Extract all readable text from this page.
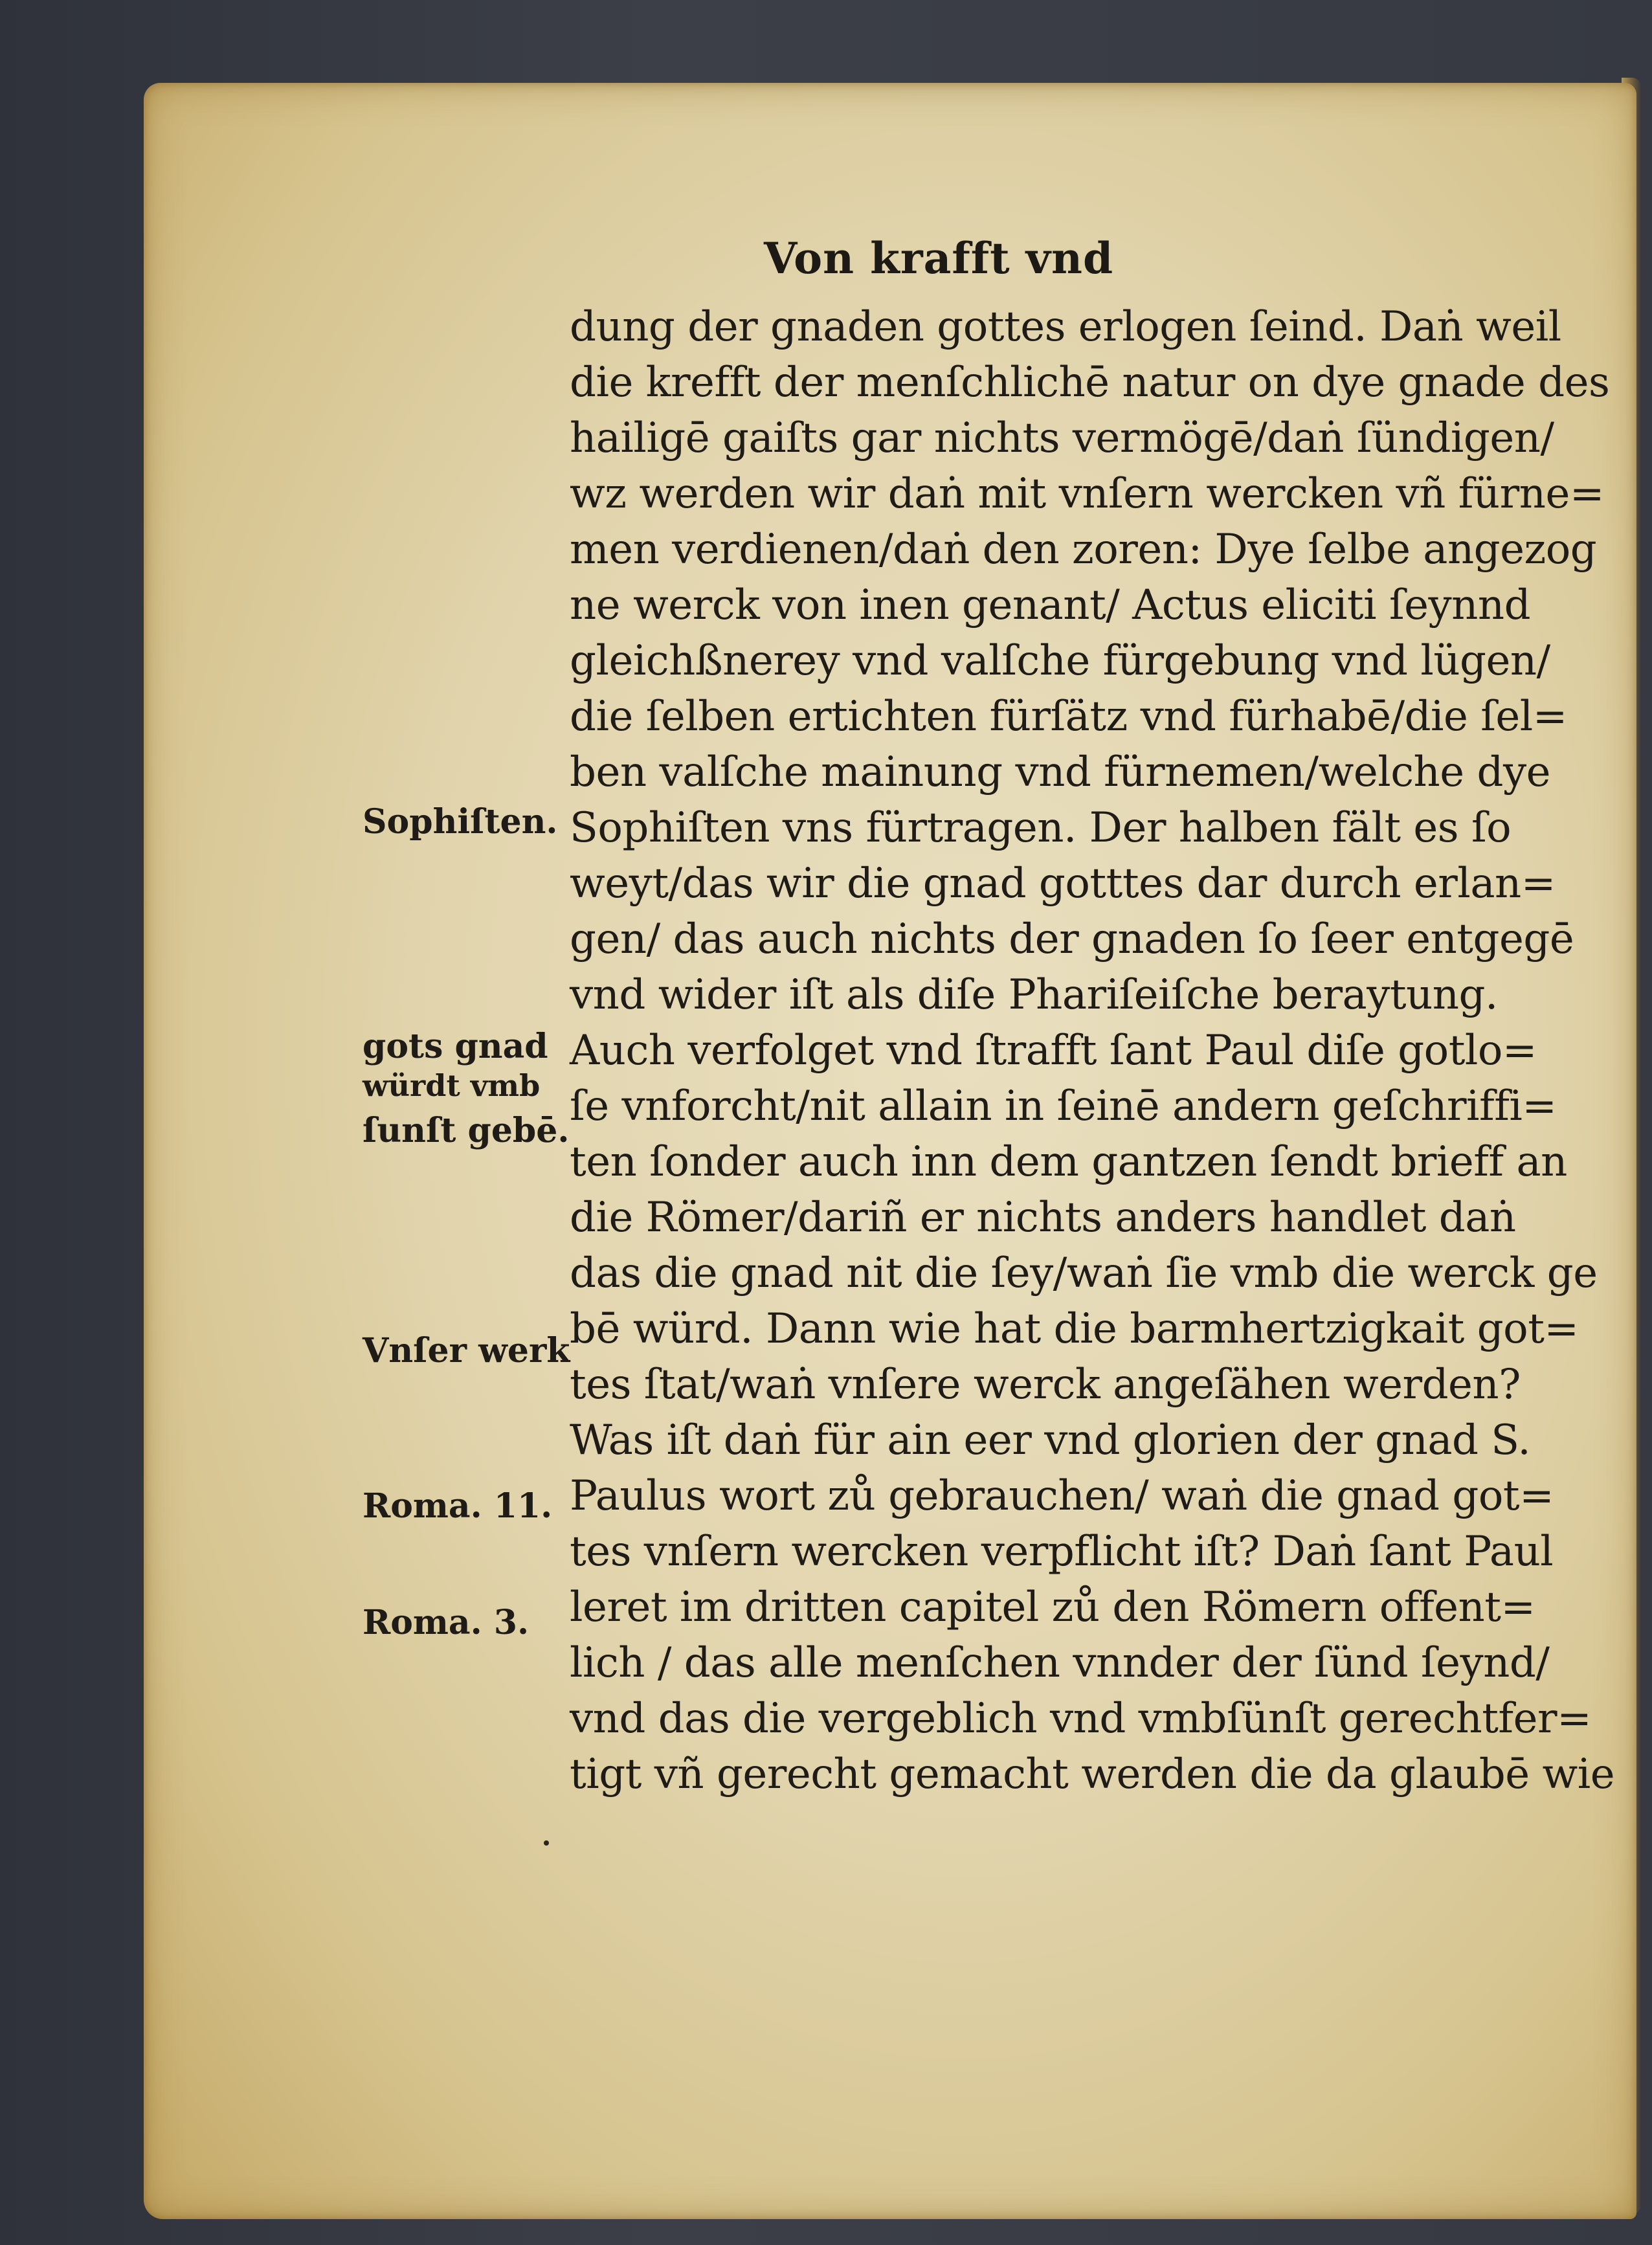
Von krafft vnd
dung der gnaden gottes erlogen ſeind. Daṅ weil
die krefft der menſchlichē natur on dye gnade des
hailigē gaiſts gar nichts vermögē/daṅ ſündigen/
wz werden wir daṅ mit vnſern wercken vñ fürne=
men verdienen/daṅ den zoren: Dye ſelbe angezog
ne werck von inen genant/ Actus eliciti ſeynnd
gleichßnerey vnd valſche fürgebung vnd lügen/
die ſelben ertichten fürſätz vnd fürhabē/die ſel=
ben valſche mainung vnd fürnemen/welche dye
Sophiſten vns fürtragen. Der halben fält es ſo
weyt/das wir die gnad gotttes dar durch erlan=
gen/ das auch nichts der gnaden ſo ſeer entgegē
vnd wider iſt als diſe Phariſeiſche beraytung.
Auch verfolget vnd ſtrafft ſant Paul diſe gotlo=
ſe vnforcht/nit allain in ſeinē andern geſchriffi=
ten ſonder auch inn dem gantzen ſendt brieff an
die Römer/dariñ er nichts anders handlet daṅ
das die gnad nit die ſey/waṅ ſie vmb die werck ge
bē würd. Dann wie hat die barmhertzigkait got=
tes ſtat/waṅ vnſere werck angeſähen werden?
Was iſt daṅ für ain eer vnd glorien der gnad S.
Paulus wort zů gebrauchen/ waṅ die gnad got=
tes vnſern wercken verpflicht iſt? Daṅ ſant Paul
leret im dritten capitel zů den Römern offent=
lich / das alle menſchen vnnder der ſünd ſeynd/
vnd das die vergeblich vnd vmbſünſt gerechtfer=
tigt vñ gerecht gemacht werden die da glaubē wie
Sophiſten.
gots gnad
würdt vmb
ſunſt gebē.
Vnſer werk
Roma. 11.
Roma. 3.
